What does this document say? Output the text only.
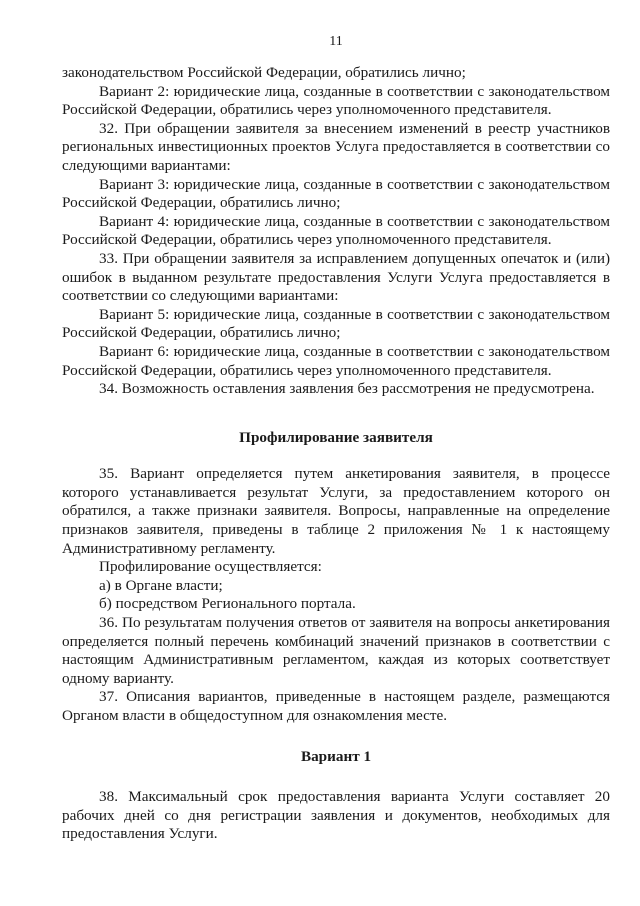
11

законодательством Российской Федерации, обратились лично;

Вариант 2: юридические лица, созданные в соответствии с законодательством Российской Федерации, обратились через уполномоченного представителя.

32. При обращении заявителя за внесением изменений в реестр участников региональных инвестиционных проектов Услуга предоставляется в соответствии со следующими вариантами:

Вариант 3: юридические лица, созданные в соответствии с законодательством Российской Федерации, обратились лично;

Вариант 4: юридические лица, созданные в соответствии с законодательством Российской Федерации, обратились через уполномоченного представителя.

33. При обращении заявителя за исправлением допущенных опечаток и (или) ошибок в выданном результате предоставления Услуги Услуга предоставляется в соответствии со следующими вариантами:

Вариант 5: юридические лица, созданные в соответствии с законодательством Российской Федерации, обратились лично;

Вариант 6: юридические лица, созданные в соответствии с законодательством Российской Федерации, обратились через уполномоченного представителя.

34. Возможность оставления заявления без рассмотрения не предусмотрена.

Профилирование заявителя

35. Вариант определяется путем анкетирования заявителя, в процессе которого устанавливается результат Услуги, за предоставлением которого он обратился, а также признаки заявителя. Вопросы, направленные на определение признаков заявителя, приведены в таблице 2 приложения № 1 к настоящему Административному регламенту.

Профилирование осуществляется:

а) в Органе власти;

б) посредством Регионального портала.

36. По результатам получения ответов от заявителя на вопросы анкетирования определяется полный перечень комбинаций значений признаков в соответствии с настоящим Административным регламентом, каждая из которых соответствует одному варианту.

37. Описания вариантов, приведенные в настоящем разделе, размещаются Органом власти в общедоступном для ознакомления месте.

Вариант 1

38. Максимальный срок предоставления варианта Услуги составляет 20 рабочих дней со дня регистрации заявления и документов, необходимых для предоставления Услуги.
